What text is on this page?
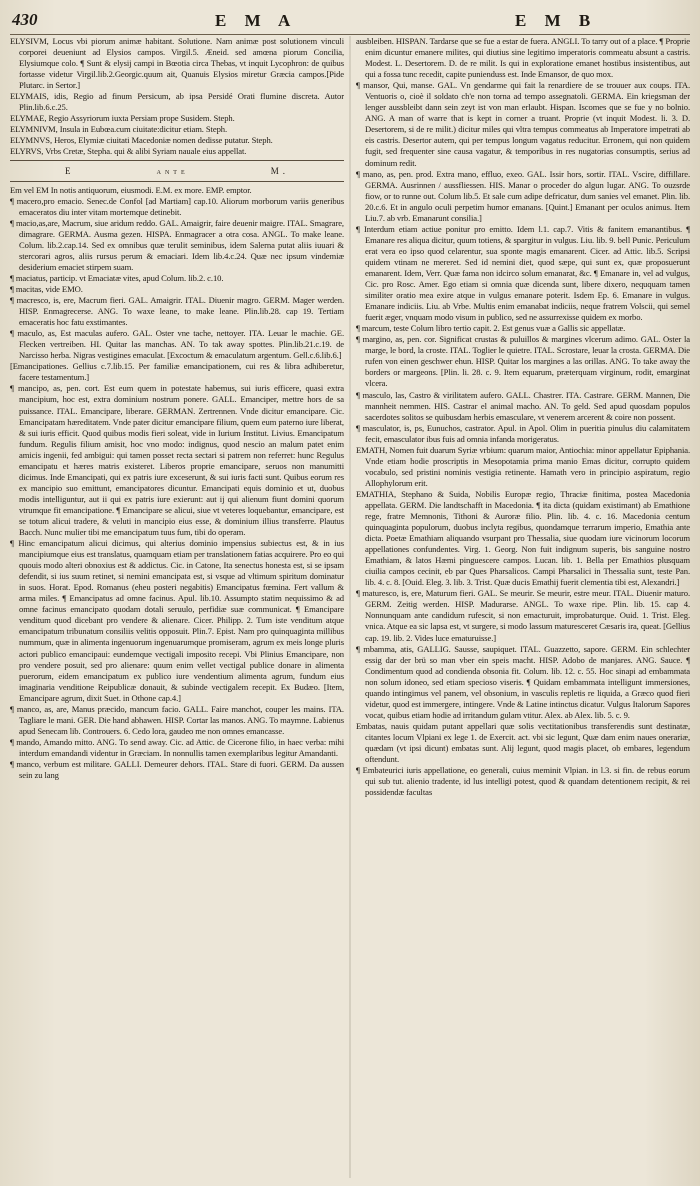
430	E M A	E M B

ELYSIVM, Locus vbi piorum animæ habitant. Solutione. Nam animæ post solutionem vinculi corporei deueniunt ad Elysios campos. Virgil.5. Æneid. sed amœna piorum Concilia, Elysiumque colo. ¶ Sunt & elysij campi in Bœotia circa Thebas, vt inquit Lycophron: de quibus fortasse videtur Virgil.lib.2.Georgic.quum ait, Quanuis Elysios miretur Græcia campos.[Pide Plutarc. in Sertor.]

ELYMAIS, idis, Regio ad finum Persicum, ab ipsa Persidé Orati flumine discreta. Autor Plin.lib.6.c.25.

ELYMAE, Regio Assyriorum iuxta Persiam prope Susidem. Steph.

ELYMNIVM, Insula in Eubœa.cum ciuitate:dicitur etiam. Steph.

ELYMNVS, Heros, Elymiæ ciuitati Macedoniæ nomen dedisse putatur. Steph.

ELYRVS, Vrbs Cretæ, Stepha. qui & alibi Syriam nauale eius appellat.

E	ante	M.

Em vel EM In notis antiquorum, eiusmodi. E.M. ex more. EMP. emptor.

¶ macero,pro emacio. Senec.de Confol [ad Martiam] cap.10. Aliorum morborum variis generibus emaceratos diu inter vitam mortemque detinebit.

¶ macio,as,are, Macrum, siue aridum reddo. GAL. Amaigrir, faire deuenir maigre. ITAL. Smagrare, dimagrare. GERMA. Ausma gezen. HISPA. Enmagracer a otra cosa. ANGL. To make leane. Colum. lib.2.cap.14. Sed ex omnibus quæ terulit seminibus, idem Salerna putat aliis iuuari & stercorari agros, aliis rursus perum & emaciari. Idem lib.4.c.24. Quæ nec ipsum vindemiæ desiderium emaciet stirpem suam.

¶ maciatus, particip. vt Emaciatæ vites, apud Colum. lib.2. c.10.

¶ macitas, vide EMO.

¶ macresco, is, ere, Macrum fieri. GAL. Amaigrir. ITAL. Diuenir magro. GERM. Mager werden. HISP. Enmagrecerse. ANG. To waxe leane, to make leane. Plin.lib.28. cap 19. Tertiam emaceratis hoc fatu exstimantes.

¶ maculo, as, Est maculas aufero. GAL. Oster vne tache, nettoyer. ITA. Leuar le machie. GE. Flecken vertreiben. HI. Quitar las manchas. AN. To tak away spottes. Plin.lib.21.c.19. de Narcisso herba. Nigras vestigines emaculat. [Excoctum & emaculatum argentum. Gell.c.6.lib.6.]

[Emancipationes. Gellius c.7.lib.15. Per familiæ emancipationem, cui res & libra adhiberetur, facere testamentum.]

¶ mancipo, as, pen. cort. Est eum quem in potestate habemus, sui iuris efficere, quasi extra mancipium, hoc est, extra dominium nostrum ponere. GALL. Emanciper, mettre hors de sa puissance. ITAL. Emancipare, liberare. GERMAN. Zertrennen. Vnde dicitur emancipare. Cic. Emancipatam hæreditatem. Vnde pater dicitur emancipare filium, quem eum paterno iure liberat, & sui iuris efficit. Quod quibus modis fieri soleat, vide in Iurium Institut. Livius. Emancipatum fundum. Regulis filium amisit, hoc vno modo: indignus, quod nescio an malum patet enim amicis ingenii, fed ambigui: qui tamen posset recta sectari si patrem non referret: hunc Regulus emancipatu et hæres matris existeret. Liberos proprie emancipare, seruos non manumitti dicimus. Inde Emancipati, qui ex patris iure exceserunt, & sui iuris facti sunt. Quibus eorum res ex mancipio suo emittunt, emancipatores dicuntur. Emancipati equis dominio et ut, duobus modis intelliguntur, aut ii qui ex patris iure exierunt: aut ij qui alienum fiunt domini quorum vtrumque fit emancipatione. ¶ Emancipare se alicui, siue vt veteres loquebantur, emancipare, est se totum alicui tradere, & veluti in mancipio eius esse, & dominium illius transferre. Plautus Bacch. Nunc mulier tibi me emancipatum tuus fum, tibi do operam.

¶ Hinc emancipatum alicui dicimus, qui alterius dominio impensius subiectus est, & in ius mancipiumque eius est translatus, quamquam etiam per translationem fatias acquirere. Pro eo qui quouis modo alteri obnoxius est & addictus. Cic. in Catone, Ita senectus honesta est, si se ipsam defendit, si ius suum retinet, si nemini emancipata est, si vsque ad vltimum spiritum dominatur in suos. Horat. Epod. Romanus (eheu posteri negabitis) Emancipatus fœmina. Fert vallum & arma miles. ¶ Emancipatus ad omne facinus. Apul. lib.10. Assumpto statim nequissimo & ad omne facinus emancipato quodam dotali seruulo, perfidiæ suæ communicat. ¶ Emancipare venditum quod dicebant pro vendere & alienare. Cicer. Philipp. 2. Tum iste venditum atque emancipatum tribunatum consiliis velitis opposuit. Plin.7. Epist. Nam pro quinquaginta millibus nummum, quæ in alimenta ingenuorum ingenuarumque promiseram, agrum ex meis longe pluris actori publico emancipaui: eundemque vectigali imposito recepi. Vbi Plinius Emancipare, non pro vendere posuit, sed pro alienare: quum enim vellet vectigal publice donare in alimenta puerorum, eidem emancipatum ex publico iure vendentium alimenta agrum, fundum eius imaginaria venditione Reipublicæ donauit, & subinde vectigalem recepit. Ex Budæo. [Item, Emancipare agrum, dixit Suet. in Othone cap.4.]

¶ manco, as, are, Manus præcido, mancum facio. GALL. Faire manchot, couper les mains. ITA. Tagliare le mani. GER. Die hand abhawen. HISP. Cortar las manos. ANG. To maymne. Labienus apud Senecam lib. Controuers. 6. Cedo lora, gaudeo me non omnes emancasse.

¶ mando, Amando mitto. ANG. To send away. Cic. ad Attic. de Cicerone filio, in haec verba: mihi interdum emandandi videntur in Græciam. In nonnullis tamen exemplaribus legitur Amandanti.

¶ manco, verbum est militare. GALLI. Demeurer dehors. ITAL. Stare di fuori. GERM. Da aussen sein zu lang

ausbleiben. HISPAN. Tardarse que se fue a estar de fuera. ANGLI. To tarry out of a place. ¶ Proprie enim dicuntur emanere milites, qui diutius sine legitimo imperatoris commeatu absunt a castris. Modest. L. Desertorem. D. de re milit. Is qui in exploratione emanet hostibus insistentibus, aut qui a fossa tunc recedit, capite punienduss est. Inde Emansor, de quo mox.

¶ mansor, Qui, manse. GAL. Vn gendarme qui fait la renardiere de se trouuer aux coups. ITA. Ventuoris o, cioè il soldato ch'e non torna ad tempo assegnatoli. GERMA. Ein kriegsman der lenger aussbleibt dann sein zeyt ist von man erlaubt. Hispan. Iscomes que se fue y no bolnio. ANG. A man of warre that is kept in corner a truant. Proprie (vt inquit Modest. li. 3. D. Desertorem, si de re milit.) dicitur miles qui vltra tempus commeatus ab Imperatore impetrati ab eis castris. Desertor autem, qui per tempus longum vagatus reducitur. Erronem, qui non quidem fugit, sed frequenter sine causa vagatur, & temporibus in res nugatorias consumptis, serius ad dominum redit.

¶ mano, as, pen. prod. Extra mano, effluo, exeo. GAL. Issir hors, sortir. ITAL. Vscire, diffillare. GERMA. Ausrinnen / aussfliessen. HIS. Manar o proceder do algun lugar. ANG. To ouzsrde fiow, or to runne out. Colum lib.5. Et sale cum adipe defricatur, dum sanies vel emanet. Plin. lib. 20.c.6. Et in angulo oculi perpetim humor emanans. [Quint.] Emanant per oculos animus. Item Liu.7. ab vrb. Emanarunt consilia.]

¶ Interdum etiam actiue ponitur pro emitto. Idem l.1. cap.7. Vitis & fanitem emanantibus. ¶ Emanare res aliqua dicitur, quum totiens, & spargitur in vulgus. Liu. lib. 9. bell Punic. Periculum erat vera eo ipso quod celarentur, sua sponte magis emanarent. Cicer. ad Attic. lib.5. Scripsi quidem vtinam ne mereret. Sed id nemini diet, quod sæpe, qui sunt ex, quæ proposuerunt emanarent. Idem, Verr. Quæ fama non idcirco solum emanarat, &c. ¶ Emanare in, vel ad vulgus, Cic. pro Rosc. Amer. Ego etiam si omnia quæ dicenda sunt, libere dixero, neququam tamen similiter oratio mea exire atque in vulgus emanare poterit. Isdem Ep. 6. Emanare in vulgus. Emanare indiciis. Liu. ab Vrbe. Multis enim emanabat indiciis, neque fratrem Volscii, qui semel fuerit æger, vnquam modo visum in publico, sed ne assurrexisse quidem ex morbo.

¶ marcum, teste Colum libro tertio capit. 2. Est genus vuæ a Gallis sic appellatæ.

¶ margino, as, pen. cor. Significat crustas & puluillos & margines vlcerum adimo. GAL. Oster la marge, le bord, la croste. ITAL. Toglier le quietre. ITAL. Scrostare, leuar la crosta. GERMA. Die rufen von einen geschwer ehun. HISP. Quitar los margines a las orillas. ANG. To take away the borders or margeons. [Plin. li. 28. c. 9. Item equarum, præterquam virginum, rodit, emarginat vlcera.

¶ masculo, las, Castro & virilitatem aufero. GALL. Chastrer. ITA. Castrare. GERM. Mannen, Die mannheit nemmen. HIS. Castrar el animal macho. AN. To geld. Sed apud quosdam populos sacerdotes solitos se quibusdam herbis emasculare, vt venerem arcerent & coire non possent.

¶ masculator, is, ps, Eunuchos, castrator. Apul. in Apol. Olim in pueritia pinulus diu calamitatem fecit, emasculator ibus fuis ad omnia infanda morigeratus.

EMATH, Nomen fuit duarum Syriæ vrbium: quarum maior, Antiochia: minor appellatur Epiphania. Vnde etiam hodie proscriptis in Mesopotamia prima manio Emas dicitur, corrupto quidem vocabulo, sed pristini nominis vestigia retinente. Hamath vero in principio aspiratum, regio Allophylorum erit.

EMATHIA, Stephano & Suida, Nobilis Europæ regio, Thraciæ finitima, postea Macedonia appellata. GERM. Die landtschafft in Macedonia. ¶ ita dicta (quidam existimant) ab Emathione rege, fratre Memnonis, Tithoni & Auroræ filio. Plin. lib. 4. c. 16. Macedonia centum quinquaginta populorum, duobus inclyta regibus, quondamque terrarum imperio, Emathia ante dicta. Poetæ Emathiam aliquando vsurpant pro Thessalia, siue quodam iure vicinorum locorum appellationes confundentes. Virg. 1. Georg. Non fuit indignum superis, bis sanguine nostro Emathiam, & latos Hæmi pinguescere campos. Lucan. lib. 1. Bella per Emathios plusquam ciuilia campos cecinit, eb par Ques Pharsalicos. Campi Pharsalici in Thessalia sunt, teste Pan. lib. 4. c. 8. [Ouid. Eleg. 3. lib. 3. Trist. Quæ ducis Emathij fuerit clementia tibi est, Alexandri.]

¶ maturesco, is, ere, Maturum fieri. GAL. Se meurir. Se meurir, estre meur. ITAL. Diuenir maturo. GERM. Zeitig werden. HISP. Madurarse. ANGL. To waxe ripe. Plin. lib. 15. cap 4. Nonnunquam ante candidum rufescit, si non emacturuit, improbaturque. Ouid. 1. Trist. Eleg. vnica. Atque ea sic lapsa est, vt surgere, si modo lassum maturesceret Cæsaris ira, queat. [Gellius cap. 19. lib. 2. Vides luce ematuruisse.]

¶ mbamma, atis, GALLIG. Sausse, saupiquet. ITAL. Guazzetto, sapore. GERM. Ein schlechter essig dar der brü so man vber ein speis macht. HISP. Adobo de manjares. ANG. Sauce. ¶ Condimentum quod ad condienda obsonia fit. Colum. lib. 12. c. 55. Hoc sinapi ad embammata non solum idoneo, sed etiam specioso viseris. ¶ Quidam embammata intelligunt immersiones, quando intingimus vel panem, vel obsonium, in vasculis repletis re liquida, a Græco quod fieri videtur, quod est immergere, intingere. Vnde & Latine intinctus dicatur. Vulgus Italorum Sapores vocat, quibus etiam hodie ad irritandum gulam vtitur. Alex. ab Alex. lib. 5. c. 9.

Embatas, nauis quidam putant appellari quæ solis vectitationibus transferendis sunt destinatæ, citantes locum Vlpiani ex lege 1. de Exercit. act. vbi sic legunt, Quæ dam enim naues onerariæ, quædam (vt ipsi dicunt) embatas sunt. Alij legunt, quod magis placet, ob embares, legendum oftendunt.

¶ Embateurici iuris appellatione, eo generali, cuius meminit Vlpian. in l.3. si fin. de rebus eorum qui sub tut. alienio tradente, id lus intelligi potest, quod & quandam detentionem recipit, & rei possidendæ facultas
